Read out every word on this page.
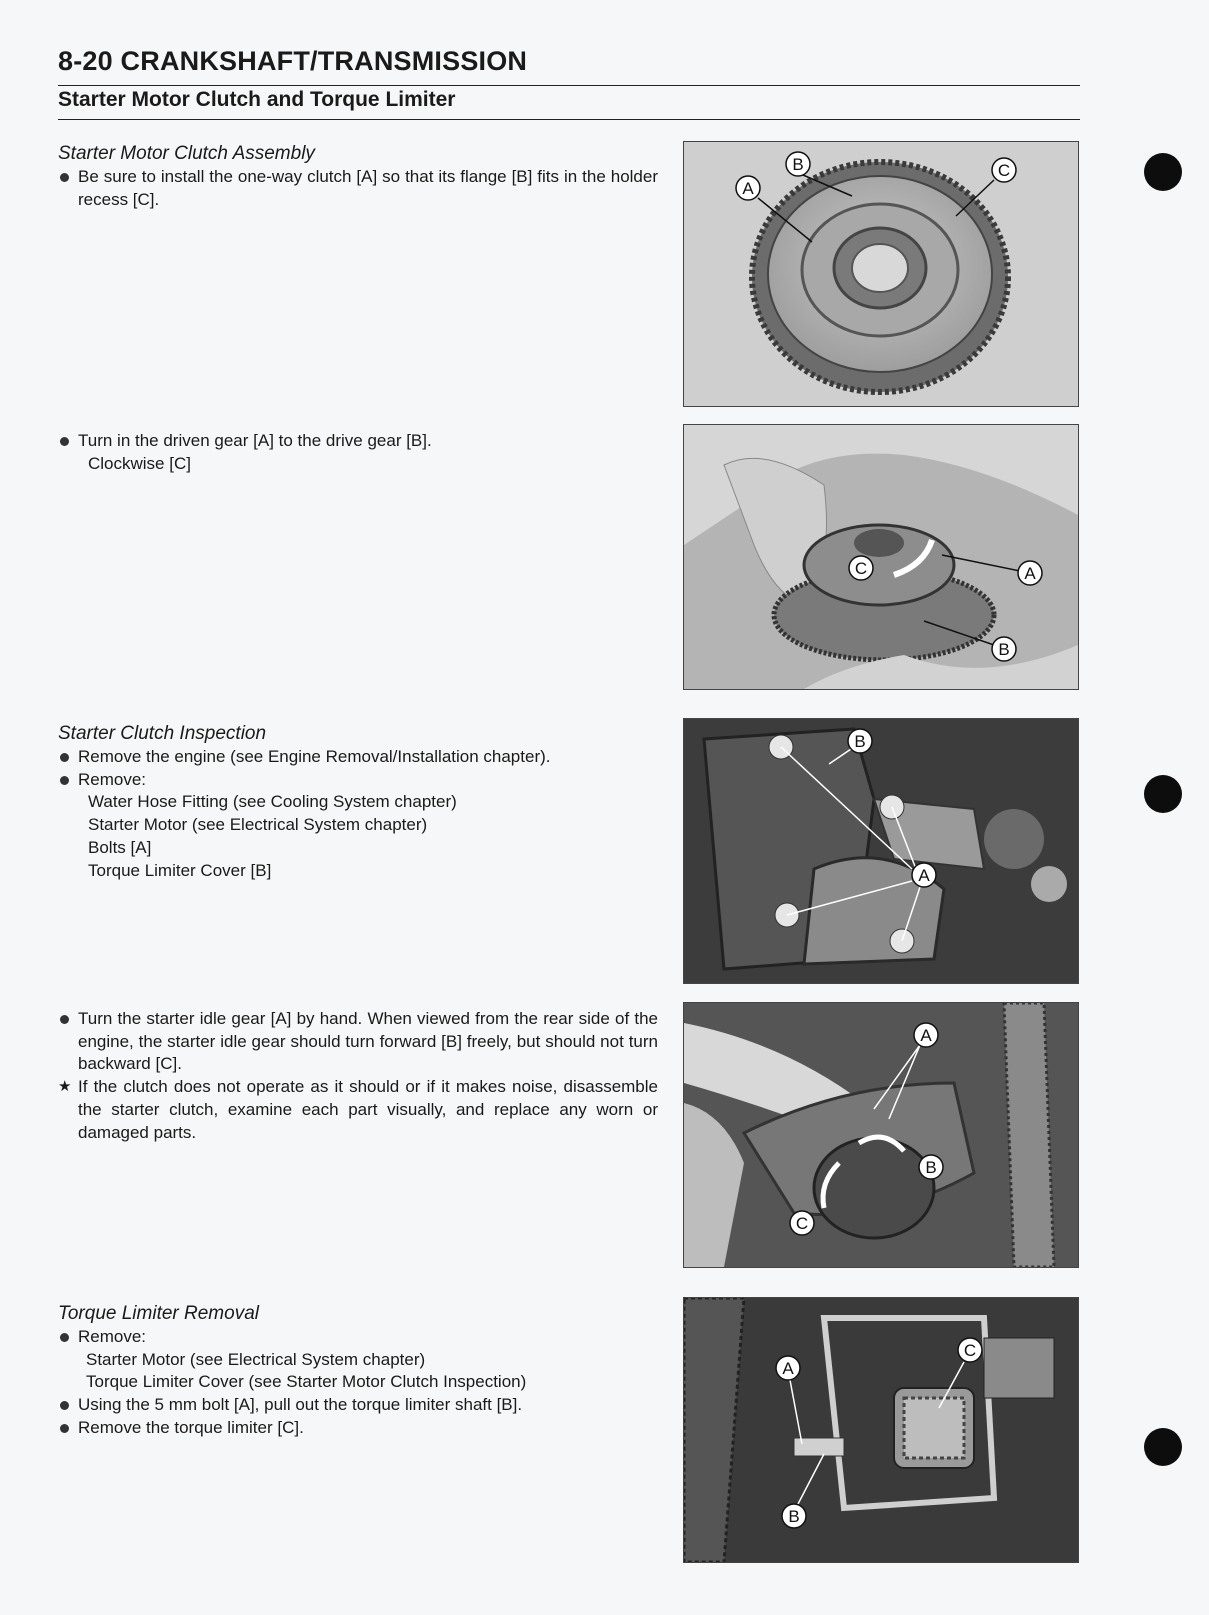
8-20 CRANKSHAFT/TRANSMISSION
Starter Motor Clutch and Torque Limiter

Starter Motor Clutch Assembly

Be sure to install the one-way clutch [A] so that its flange [B] fits in the holder recess [C].

Turn in the driven gear [A] to the drive gear [B].

Clockwise [C]

Starter Clutch Inspection

Remove the engine (see Engine Removal/Installation chapter).

Remove:

Water Hose Fitting (see Cooling System chapter)

Starter Motor (see Electrical System chapter)

Bolts [A]

Torque Limiter Cover [B]

Turn the starter idle gear [A] by hand. When viewed from the rear side of the engine, the starter idle gear should turn forward [B] freely, but should not turn backward [C].

★ If the clutch does not operate as it should or if it makes noise, disassemble the starter clutch, examine each part visually, and replace any worn or damaged parts.

Torque Limiter Removal

Remove:

Starter Motor (see Electrical System chapter)

Torque Limiter Cover (see Starter Motor Clutch Inspection)

Using the 5 mm bolt [A], pull out the torque limiter shaft [B].

Remove the torque limiter [C].

A
B	C
C	A
B
A
B
A
B
C
A
B
C
